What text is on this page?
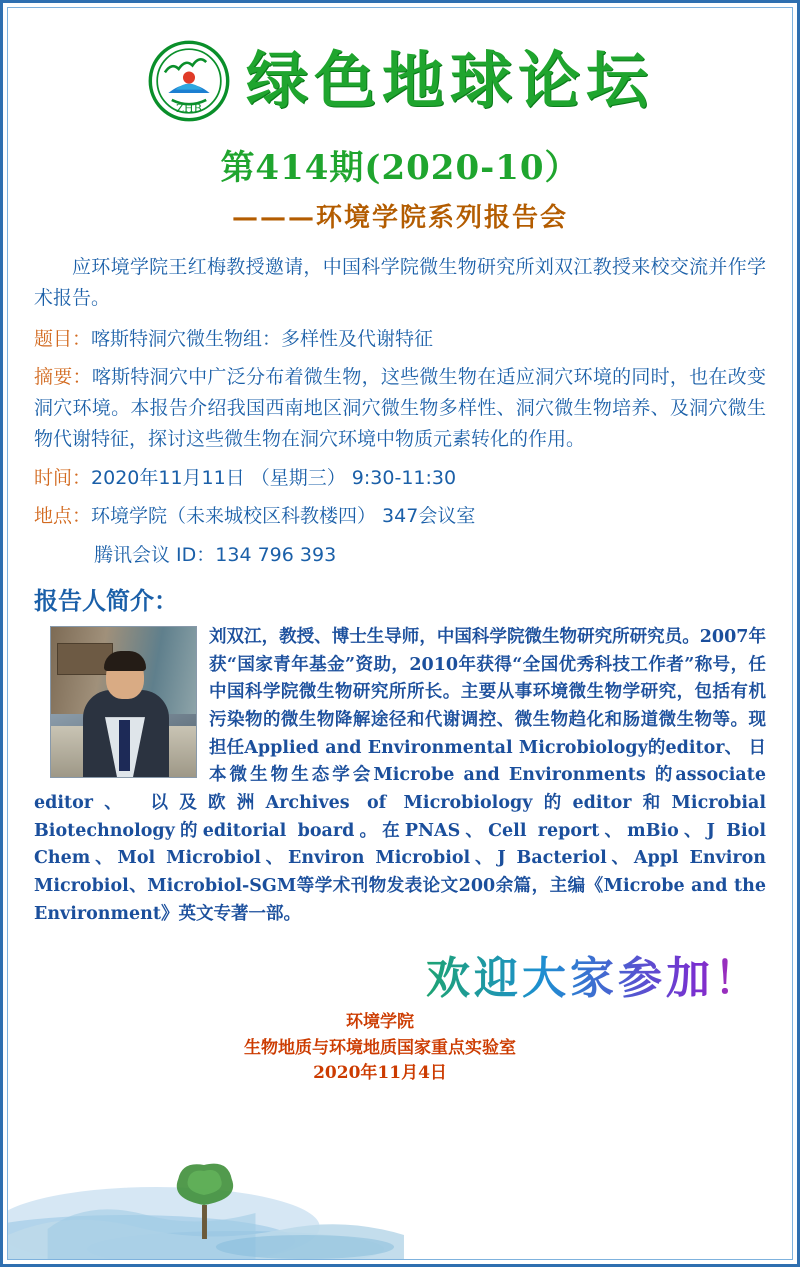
ZHB 绿色地球论坛
第414期(2020-10）
———环境学院系列报告会

应环境学院王红梅教授邀请，中国科学院微生物研究所刘双江教授来校交流并作学术报告。

题目：喀斯特洞穴微生物组：多样性及代谢特征

摘要：喀斯特洞穴中广泛分布着微生物，这些微生物在适应洞穴环境的同时，也在改变洞穴环境。本报告介绍我国西南地区洞穴微生物多样性、洞穴微生物培养、及洞穴微生物代谢特征，探讨这些微生物在洞穴环境中物质元素转化的作用。

时间：2020年11月11日 （星期三） 9:30-11:30

地点：环境学院（未来城校区科教楼四） 347会议室

腾讯会议 ID：134 796 393

报告人简介：

刘双江，教授、博士生导师，中国科学院微生物研究所研究员。2007年获“国家青年基金”资助，2010年获得“全国优秀科技工作者”称号，任中国科学院微生物研究所所长。主要从事环境微生物学研究，包括有机污染物的微生物降解途径和代谢调控、微生物趋化和肠道微生物等。现担任Applied and Environmental Microbiology的editor、 日本微生物生态学会Microbe and Environments 的associate editor、 以及欧洲Archives of Microbiology的editor和Microbial Biotechnology的editorial board。在PNAS、Cell report、mBio、J Biol Chem、Mol Microbiol、Environ Microbiol、J Bacteriol、Appl Environ Microbiol、Microbiol-SGM等学术刊物发表论文200余篇，主编《Microbe and the Environment》英文专著一部。

欢迎大家参加！
环境学院
生物地质与环境地质国家重点实验室
2020年11月4日
